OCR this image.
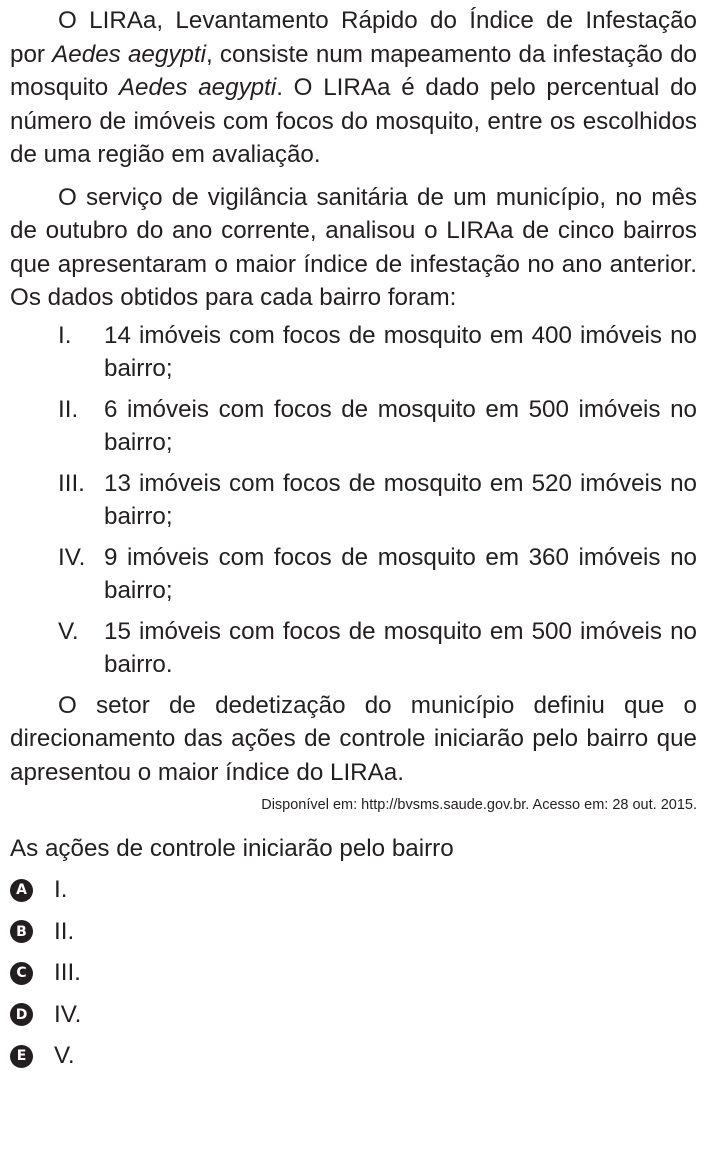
O LIRAa, Levantamento Rápido do Índice de Infestação por Aedes aegypti, consiste num mapeamento da infestação do mosquito Aedes aegypti. O LIRAa é dado pelo percentual do número de imóveis com focos do mosquito, entre os escolhidos de uma região em avaliação.

O serviço de vigilância sanitária de um município, no mês de outubro do ano corrente, analisou o LIRAa de cinco bairros que apresentaram o maior índice de infestação no ano anterior. Os dados obtidos para cada bairro foram:

I.	14 imóveis com focos de mosquito em 400 imóveis no bairro;
II.	6 imóveis com focos de mosquito em 500 imóveis no bairro;
III. 13 imóveis com focos de mosquito em 520 imóveis no bairro;
IV. 9 imóveis com focos de mosquito em 360 imóveis no bairro;
V.	15 imóveis com focos de mosquito em 500 imóveis no bairro.

O setor de dedetização do município definiu que o direcionamento das ações de controle iniciarão pelo bairro que apresentou o maior índice do LIRAa.

Disponível em: http://bvsms.saude.gov.br. Acesso em: 28 out. 2015.
As ações de controle iniciarão pelo bairro
A I.
B II.
C III.
D IV.
E V.
